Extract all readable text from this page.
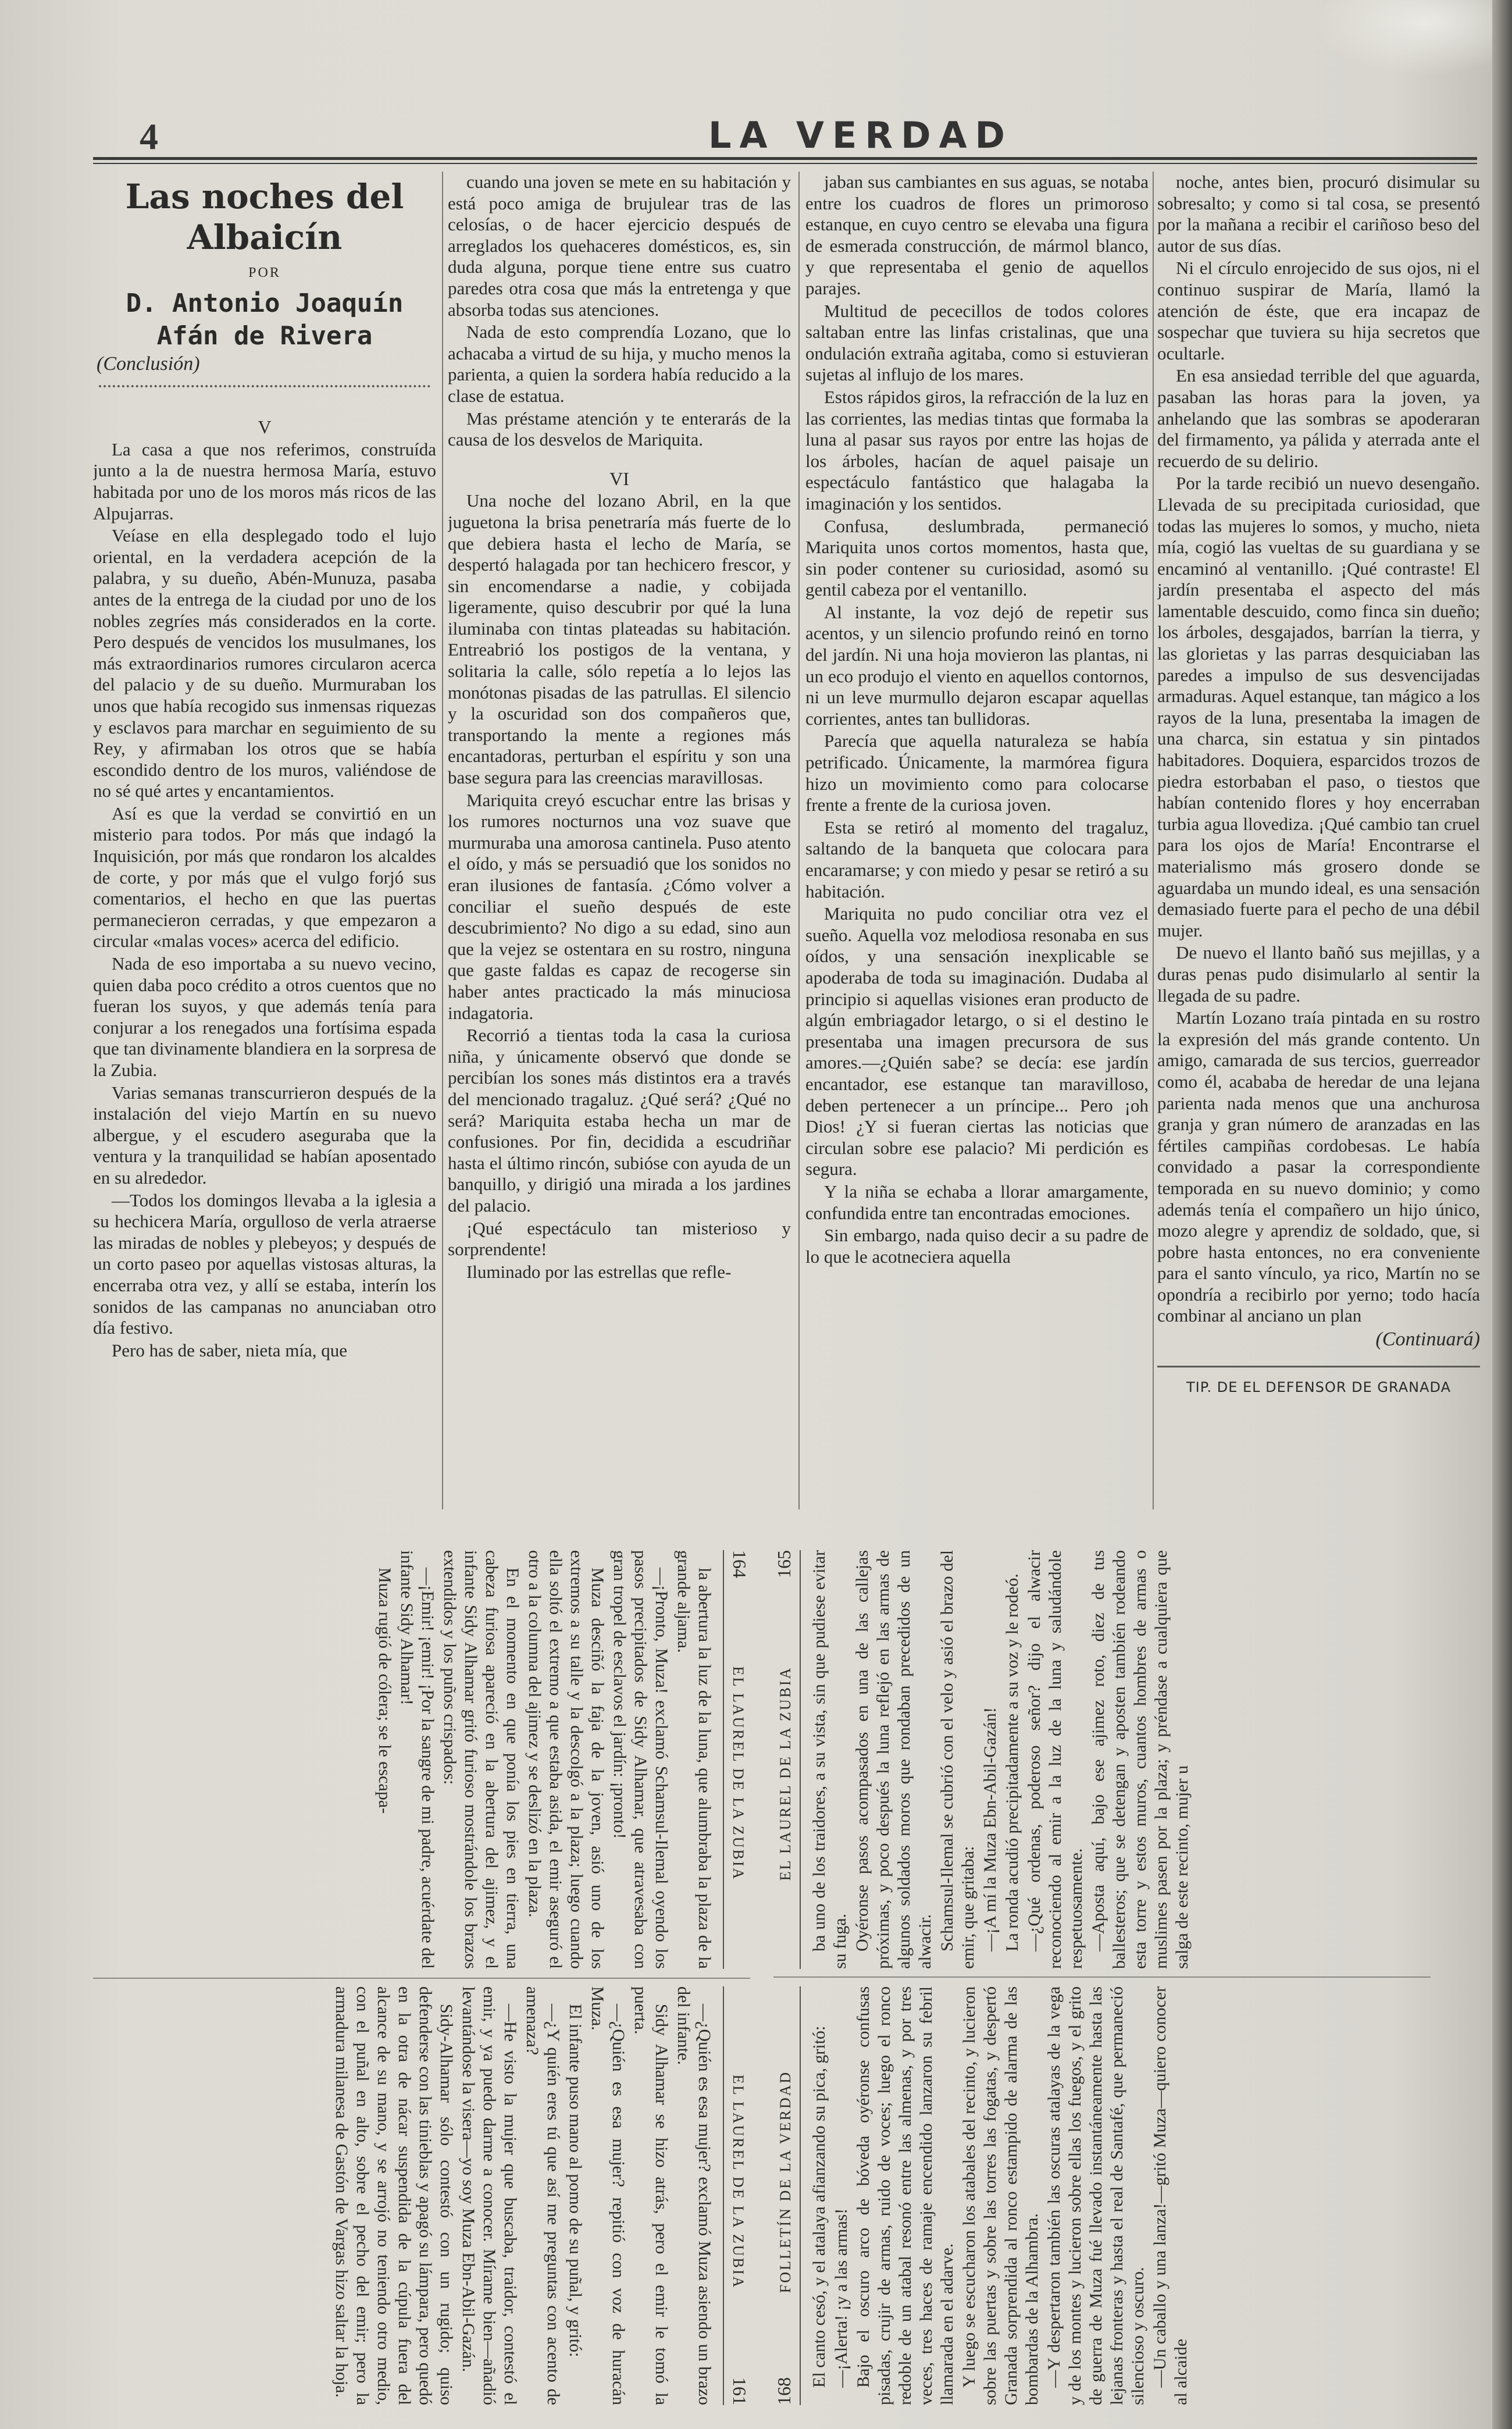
4	LA VERDAD
Las noches del Albaicín
POR
D. Antonio Joaquín Afán de Rivera
(Conclusión)

V

La casa a que nos referimos, construída junto a la de nuestra hermosa María, estuvo habitada por uno de los moros más ricos de las Alpujarras.

Veíase en ella desplegado todo el lujo oriental, en la verdadera acepción de la palabra, y su dueño, Abén-Munuza, pasaba antes de la entrega de la ciudad por uno de los nobles zegríes más considerados en la corte. Pero después de vencidos los musulmanes, los más extraordinarios rumores circularon acerca del palacio y de su dueño. Murmuraban los unos que había recogido sus inmensas riquezas y esclavos para marchar en seguimiento de su Rey, y afirmaban los otros que se había escondido dentro de los muros, valiéndose de no sé qué artes y encantamientos.

Así es que la verdad se convirtió en un misterio para todos. Por más que indagó la Inquisición, por más que rondaron los alcaldes de corte, y por más que el vulgo forjó sus comentarios, el hecho en que las puertas permanecieron cerradas, y que empezaron a circular «malas voces» acerca del edificio.

Nada de eso importaba a su nuevo vecino, quien daba poco crédito a otros cuentos que no fueran los suyos, y que además tenía para conjurar a los renegados una fortísima espada que tan divinamente blandiera en la sorpresa de la Zubia.

Varias semanas transcurrieron después de la instalación del viejo Martín en su nuevo albergue, y el escudero aseguraba que la ventura y la tranquilidad se habían aposentado en su alrededor.

—Todos los domingos llevaba a la iglesia a su hechicera María, orgulloso de verla atraerse las miradas de nobles y plebeyos; y después de un corto paseo por aquellas vistosas alturas, la encerraba otra vez, y allí se estaba, interín los sonidos de las campanas no anunciaban otro día festivo.

Pero has de saber, nieta mía, que

cuando una joven se mete en su habitación y está poco amiga de brujulear tras de las celosías, o de hacer ejercicio después de arreglados los quehaceres domésticos, es, sin duda alguna, porque tiene entre sus cuatro paredes otra cosa que más la entretenga y que absorba todas sus atenciones.

Nada de esto comprendía Lozano, que lo achacaba a virtud de su hija, y mucho menos la parienta, a quien la sordera había reducido a la clase de estatua.

Mas préstame atención y te enterarás de la causa de los desvelos de Mariquita.

VI

Una noche del lozano Abril, en la que juguetona la brisa penetraría más fuerte de lo que debiera hasta el lecho de María, se despertó halagada por tan hechicero frescor, y sin encomendarse a nadie, y cobijada ligeramente, quiso descubrir por qué la luna iluminaba con tintas plateadas su habitación. Entreabrió los postigos de la ventana, y solitaria la calle, sólo repetía a lo lejos las monótonas pisadas de las patrullas. El silencio y la oscuridad son dos compañeros que, transportando la mente a regiones más encantadoras, perturban el espíritu y son una base segura para las creencias maravillosas.

Mariquita creyó escuchar entre las brisas y los rumores nocturnos una voz suave que murmuraba una amorosa cantinela. Puso atento el oído, y más se persuadió que los sonidos no eran ilusiones de fantasía. ¿Cómo volver a conciliar el sueño después de este descubrimiento? No digo a su edad, sino aun que la vejez se ostentara en su rostro, ninguna que gaste faldas es capaz de recogerse sin haber antes practicado la más minuciosa indagatoria.

Recorrió a tientas toda la casa la curiosa niña, y únicamente observó que donde se percibían los sones más distintos era a través del mencionado tragaluz. ¿Qué será? ¿Qué no será? Mariquita estaba hecha un mar de confusiones. Por fin, decidida a escudriñar hasta el último rincón, subióse con ayuda de un banquillo, y dirigió una mirada a los jardines del palacio.

¡Qué espectáculo tan misterioso y sorprendente!

Iluminado por las estrellas que refle-

jaban sus cambiantes en sus aguas, se notaba entre los cuadros de flores un primoroso estanque, en cuyo centro se elevaba una figura de esmerada construcción, de mármol blanco, y que representaba el genio de aquellos parajes.

Multitud de pececillos de todos colores saltaban entre las linfas cristalinas, que una ondulación extraña agitaba, como si estuvieran sujetas al influjo de los mares.

Estos rápidos giros, la refracción de la luz en las corrientes, las medias tintas que formaba la luna al pasar sus rayos por entre las hojas de los árboles, hacían de aquel paisaje un espectáculo fantástico que halagaba la imaginación y los sentidos.

Confusa, deslumbrada, permaneció Mariquita unos cortos momentos, hasta que, sin poder contener su curiosidad, asomó su gentil cabeza por el ventanillo.

Al instante, la voz dejó de repetir sus acentos, y un silencio profundo reinó en torno del jardín. Ni una hoja movieron las plantas, ni un eco produjo el viento en aquellos contornos, ni un leve murmullo dejaron escapar aquellas corrientes, antes tan bullidoras.

Parecía que aquella naturaleza se había petrificado. Únicamente, la marmórea figura hizo un movimiento como para colocarse frente a frente de la curiosa joven.

Esta se retiró al momento del tragaluz, saltando de la banqueta que colocara para encaramarse; y con miedo y pesar se retiró a su habitación.

Mariquita no pudo conciliar otra vez el sueño. Aquella voz melodiosa resonaba en sus oídos, y una sensación inexplicable se apoderaba de toda su imaginación. Dudaba al principio si aquellas visiones eran producto de algún embriagador letargo, o si el destino le presentaba una imagen precursora de sus amores.—¿Quién sabe? se decía: ese jardín encantador, ese estanque tan maravilloso, deben pertenecer a un príncipe... Pero ¡oh Dios! ¿Y si fueran ciertas las noticias que circulan sobre ese palacio? Mi perdición es segura.

Y la niña se echaba a llorar amargamente, confundida entre tan encontradas emociones.

Sin embargo, nada quiso decir a su padre de lo que le acotneciera aquella

noche, antes bien, procuró disimular su sobresalto; y como si tal cosa, se presentó por la mañana a recibir el cariñoso beso del autor de sus días.

Ni el círculo enrojecido de sus ojos, ni el continuo suspirar de María, llamó la atención de éste, que era incapaz de sospechar que tuviera su hija secretos que ocultarle.

En esa ansiedad terrible del que aguarda, pasaban las horas para la joven, ya anhelando que las sombras se apoderaran del firmamento, ya pálida y aterrada ante el recuerdo de su delirio.

Por la tarde recibió un nuevo desengaño. Llevada de su precipitada curiosidad, que todas las mujeres lo somos, y mucho, nieta mía, cogió las vueltas de su guardiana y se encaminó al ventanillo. ¡Qué contraste! El jardín presentaba el aspecto del más lamentable descuido, como finca sin dueño; los árboles, desgajados, barrían la tierra, y las glorietas y las parras desquiciaban las paredes a impulso de sus desvencijadas armaduras. Aquel estanque, tan mágico a los rayos de la luna, presentaba la imagen de una charca, sin estatua y sin pintados habitadores. Doquiera, esparcidos trozos de piedra estorbaban el paso, o tiestos que habían contenido flores y hoy encerraban turbia agua llovediza. ¡Qué cambio tan cruel para los ojos de María! Encontrarse el materialismo más grosero donde se aguardaba un mundo ideal, es una sensación demasiado fuerte para el pecho de una débil mujer.

De nuevo el llanto bañó sus mejillas, y a duras penas pudo disimularlo al sentir la llegada de su padre.

Martín Lozano traía pintada en su rostro la expresión del más grande contento. Un amigo, camarada de sus tercios, guerreador como él, acababa de heredar de una lejana parienta nada menos que una anchurosa granja y gran número de aranzadas en las fértiles campiñas cordobesas. Le había convidado a pasar la correspondiente temporada en su nuevo dominio; y como además tenía el compañero un hijo único, mozo alegre y aprendiz de soldado, que, si pobre hasta entonces, no era conveniente para el santo vínculo, ya rico, Martín no se opondría a recibirlo por yerno; todo hacía combinar al anciano un plan

(Continuará)
TIP. DE EL DEFENSOR DE GRANADA
164
EL LAUREL DE LA ZUBIA

la abertura la luz de la luna, que alumbraba la plaza de la grande aljama.

—¡Pronto, Muza! exclamó Schamsul-Ilemal oyendo los pasos precipitados de Sidy Alhamar, que atravesaba con gran tropel de esclavos el jardín: ¡pronto!

Muza desciñó la faja de la joven, asió uno de los extremos a su talle y la descolgó a la plaza; luego cuando ella soltó el extremo a que estaba asida, el emir aseguró el otro a la columna del ajimez y se deslizó en la plaza.

En el momento en que ponía los pies en tierra, una cabeza furiosa apareció en la abertura del ajimez, y el infante Sidy Alhamar gritó furioso mostrándole los brazos extendidos y los puños crispados:

—¡Emir! ¡emir! ¡Por la sangre de mi padre, acuérdate del infante Sidy Alhamar!

Muza rugió de cólera; se le escapa-

EL LAUREL DE LA ZUBIA
161

—¿Quién es esa mujer? exclamó Muza asiendo un brazo del infante.

Sidy Alhamar se hizo atrás, pero el emir le tomó la puerta.

—¿Quién es esa mujer? repitió con voz de huracán Muza.

El infante puso mano al pomo de su puñal, y gritó:

—¿Y quién eres tú que así me preguntas con acento de amenaza?

—He visto la mujer que buscaba, traidor, contestó el emir, y ya puedo darme a conocer. Mírame bien—añadió levantándose la visera—yo soy Muza Ebn-Abil-Gazán.

Sidy-Alhamar sólo contestó con un rugido; quiso defenderse con las tinieblas y apagó su lámpara, pero quedó en la otra de nácar suspendida de la cúpula fuera del alcance de su mano, y se arrojó no teniendo otro medio, con el puñal en alto, sobre el pecho del emir; pero la armadura milanesa de Gastón de Vargas hizo saltar la hoja.	168
FOLLETÍN DE LA VERDAD El canto cesó, y el atalaya afianzando su pica, gritó: —¡Alerta! ¡y a las armas! Bajo el oscuro arco de bóveda oyéronse confusas pisadas, crujir de armas, ruido de voces; luego el ronco redoble de un atabal resonó entre las almenas, y por tres veces, tres haces de ramaje encendido lanzaron su febril llamarada en el adarve. Y luego se escucharon los atabales del recinto, y lucieron sobre las puertas y sobre las torres las fogatas, y despertó Granada sorprendida al ronco estampido de alarma de las bombardas de la Alhambra. —Y despertaron también las oscuras atalayas de la vega y de los montes y lucieron sobre ellas los fuegos, y el grito de guerra de Muza fué llevado instantáneamente hasta las lejanas fronteras y hasta el real de Santafé, que permaneció silencioso y oscuro. —Un caballo y una lanza!—gritó Muza—quiero conocer al alcaide

EL LAUREL DE LA ZUBIA
165 ba uno de los traidores, a su vista, sin que pudiese evitar su fuga. Oyéronse pasos acompasados en una de las callejas próximas, y poco después la luna reflejó en las armas de algunos soldados moros que rondaban precedidos de un alwacir. Schamsul-Ilemal se cubrió con el velo y asió el brazo del emir, que gritaba: —¡A mí la Muza Ebn-Abil-Gazán! La ronda acudió precipitadamente a su voz y le rodeó. —¿Qué ordenas, poderoso señor? dijo el alwacir reconociendo al emir a la luz de la luna y saludándole respetuosamente. —Aposta aquí, bajo ese ajimez roto, diez de tus ballesteros; que se detengan y aposten también rodeando esta torre y estos muros, cuantos hombres de armas o muslimes pasen por la plaza; y préndase a cualquiera que salga de este recinto, mujer u
